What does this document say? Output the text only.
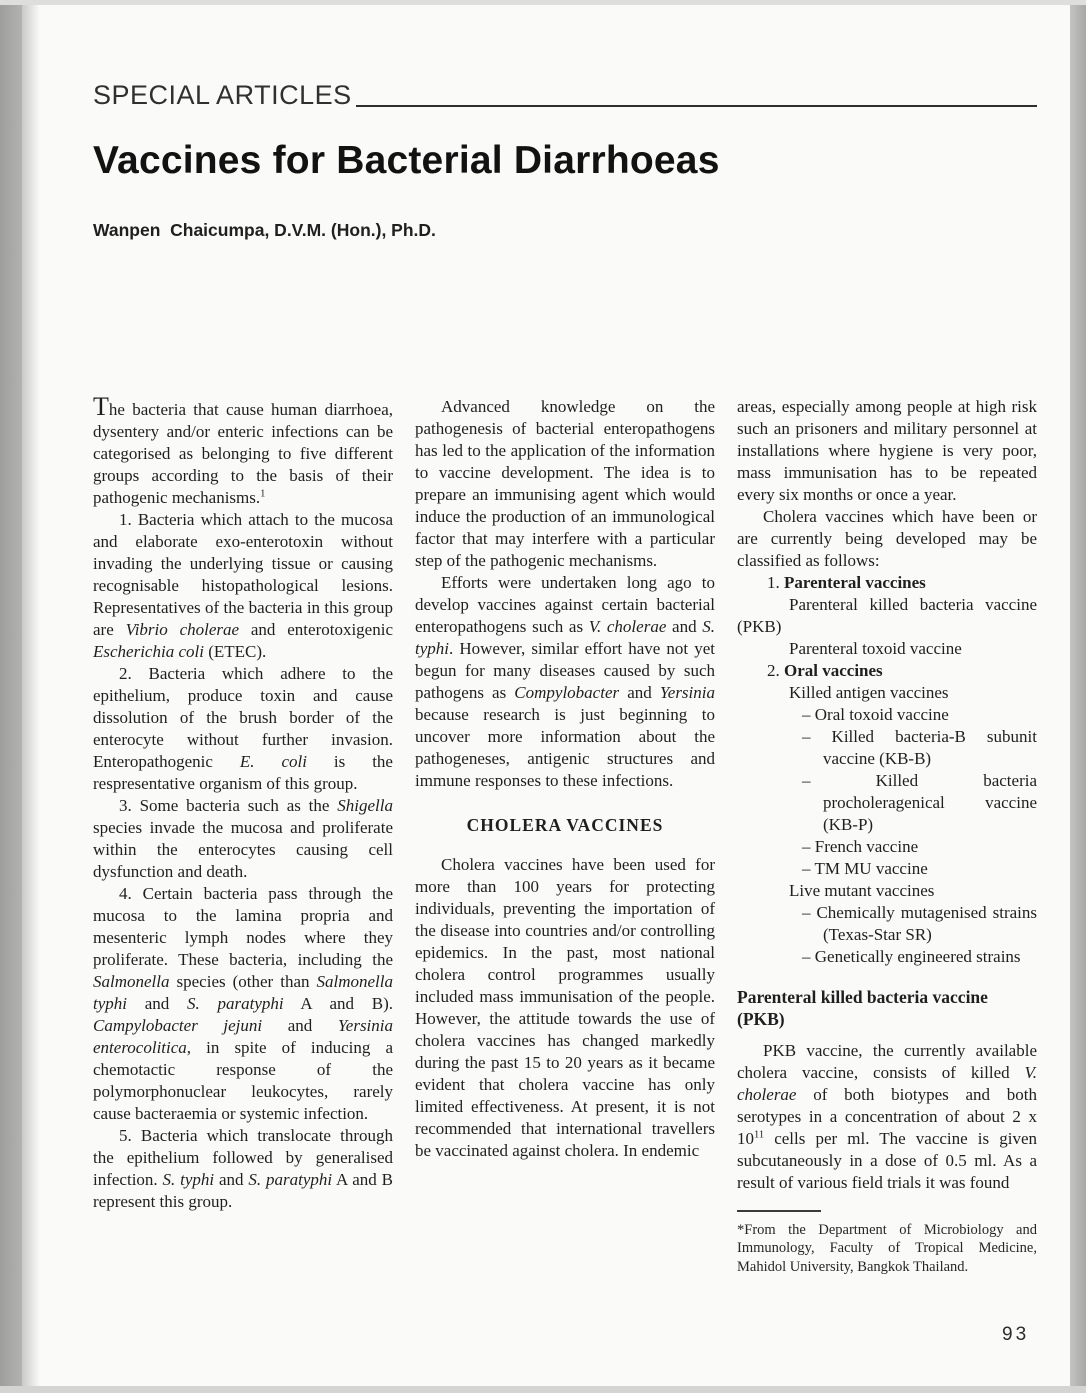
SPECIAL ARTICLES
Vaccines for Bacterial Diarrhoeas
Wanpen  Chaicumpa, D.V.M. (Hon.), Ph.D.
The bacteria that cause human diarrhoea, dysentery and/or enteric infections can be categorised as belonging to five different groups according to the basis of their pathogenic mechanisms.$^1$
1. Bacteria which attach to the mucosa and elaborate exo-enterotoxin without invading the underlying tissue or causing recognisable histopathological lesions. Representatives of the bacteria in this group are Vibrio cholerae and enterotoxigenic Escherichia coli (ETEC).
2. Bacteria which adhere to the epithelium, produce toxin and cause dissolution of the brush border of the enterocyte without further invasion. Enteropathogenic E. coli is the respresentative organism of this group.
3. Some bacteria such as the Shigella species invade the mucosa and proliferate within the enterocytes causing cell dysfunction and death.
4. Certain bacteria pass through the mucosa to the lamina propria and mesenteric lymph nodes where they proliferate. These bacteria, including the Salmonella species (other than Salmonella typhi and S. paratyphi A and B). Campylobacter jejuni and Yersinia enterocolitica, in spite of inducing a chemotactic response of the polymorphonuclear leukocytes, rarely cause bacteraemia or systemic infection.
5. Bacteria which translocate through the epithelium followed by generalised infection. S. typhi and S. paratyphi A and B represent this group.
Advanced knowledge on the pathogenesis of bacterial enteropathogens has led to the application of the information to vaccine development. The idea is to prepare an immunising agent which would induce the production of an immunological factor that may interfere with a particular step of the pathogenic mechanisms.
Efforts were undertaken long ago to develop vaccines against certain bacterial enteropathogens such as V. cholerae and S. typhi. However, similar effort have not yet begun for many diseases caused by such pathogens as Compylobacter and Yersinia because research is just beginning to uncover more information about the pathogeneses, antigenic structures and immune responses to these infections.
CHOLERA VACCINES
Cholera vaccines have been used for more than 100 years for protecting individuals, preventing the importation of the disease into countries and/or controlling epidemics. In the past, most national cholera control programmes usually included mass immunisation of the people. However, the attitude towards the use of cholera vaccines has changed markedly during the past 15 to 20 years as it became evident that cholera vaccine has only limited effectiveness. At present, it is not recommended that international travellers be vaccinated against cholera. In endemic
areas, especially among people at high risk such an prisoners and military personnel at installations where hygiene is very poor, mass immunisation has to be repeated every six months or once a year.
Cholera vaccines which have been or are currently being developed may be classified as follows:
1. Parenteral vaccines
Parenteral killed bacteria vaccine (PKB)
Parenteral toxoid vaccine
2. Oral vaccines
Killed antigen vaccines
– Oral toxoid vaccine
– Killed bacteria-B subunit vaccine (KB-B)
– Killed bacteria procholeragenical vaccine (KB-P)
– French vaccine
– TM MU vaccine
Live mutant vaccines
– Chemically mutagenised strains (Texas-Star SR)
– Genetically engineered strains
Parenteral killed bacteria vaccine (PKB)
PKB vaccine, the currently available cholera vaccine, consists of killed V. cholerae of both biotypes and both serotypes in a concentration of about 2 x $10^{11}$ cells per ml. The vaccine is given subcutaneously in a dose of 0.5 ml. As a result of various field trials it was found

*From the Department of Microbiology and Immunology, Faculty of Tropical Medicine, Mahidol University, Bangkok Thailand.

93
